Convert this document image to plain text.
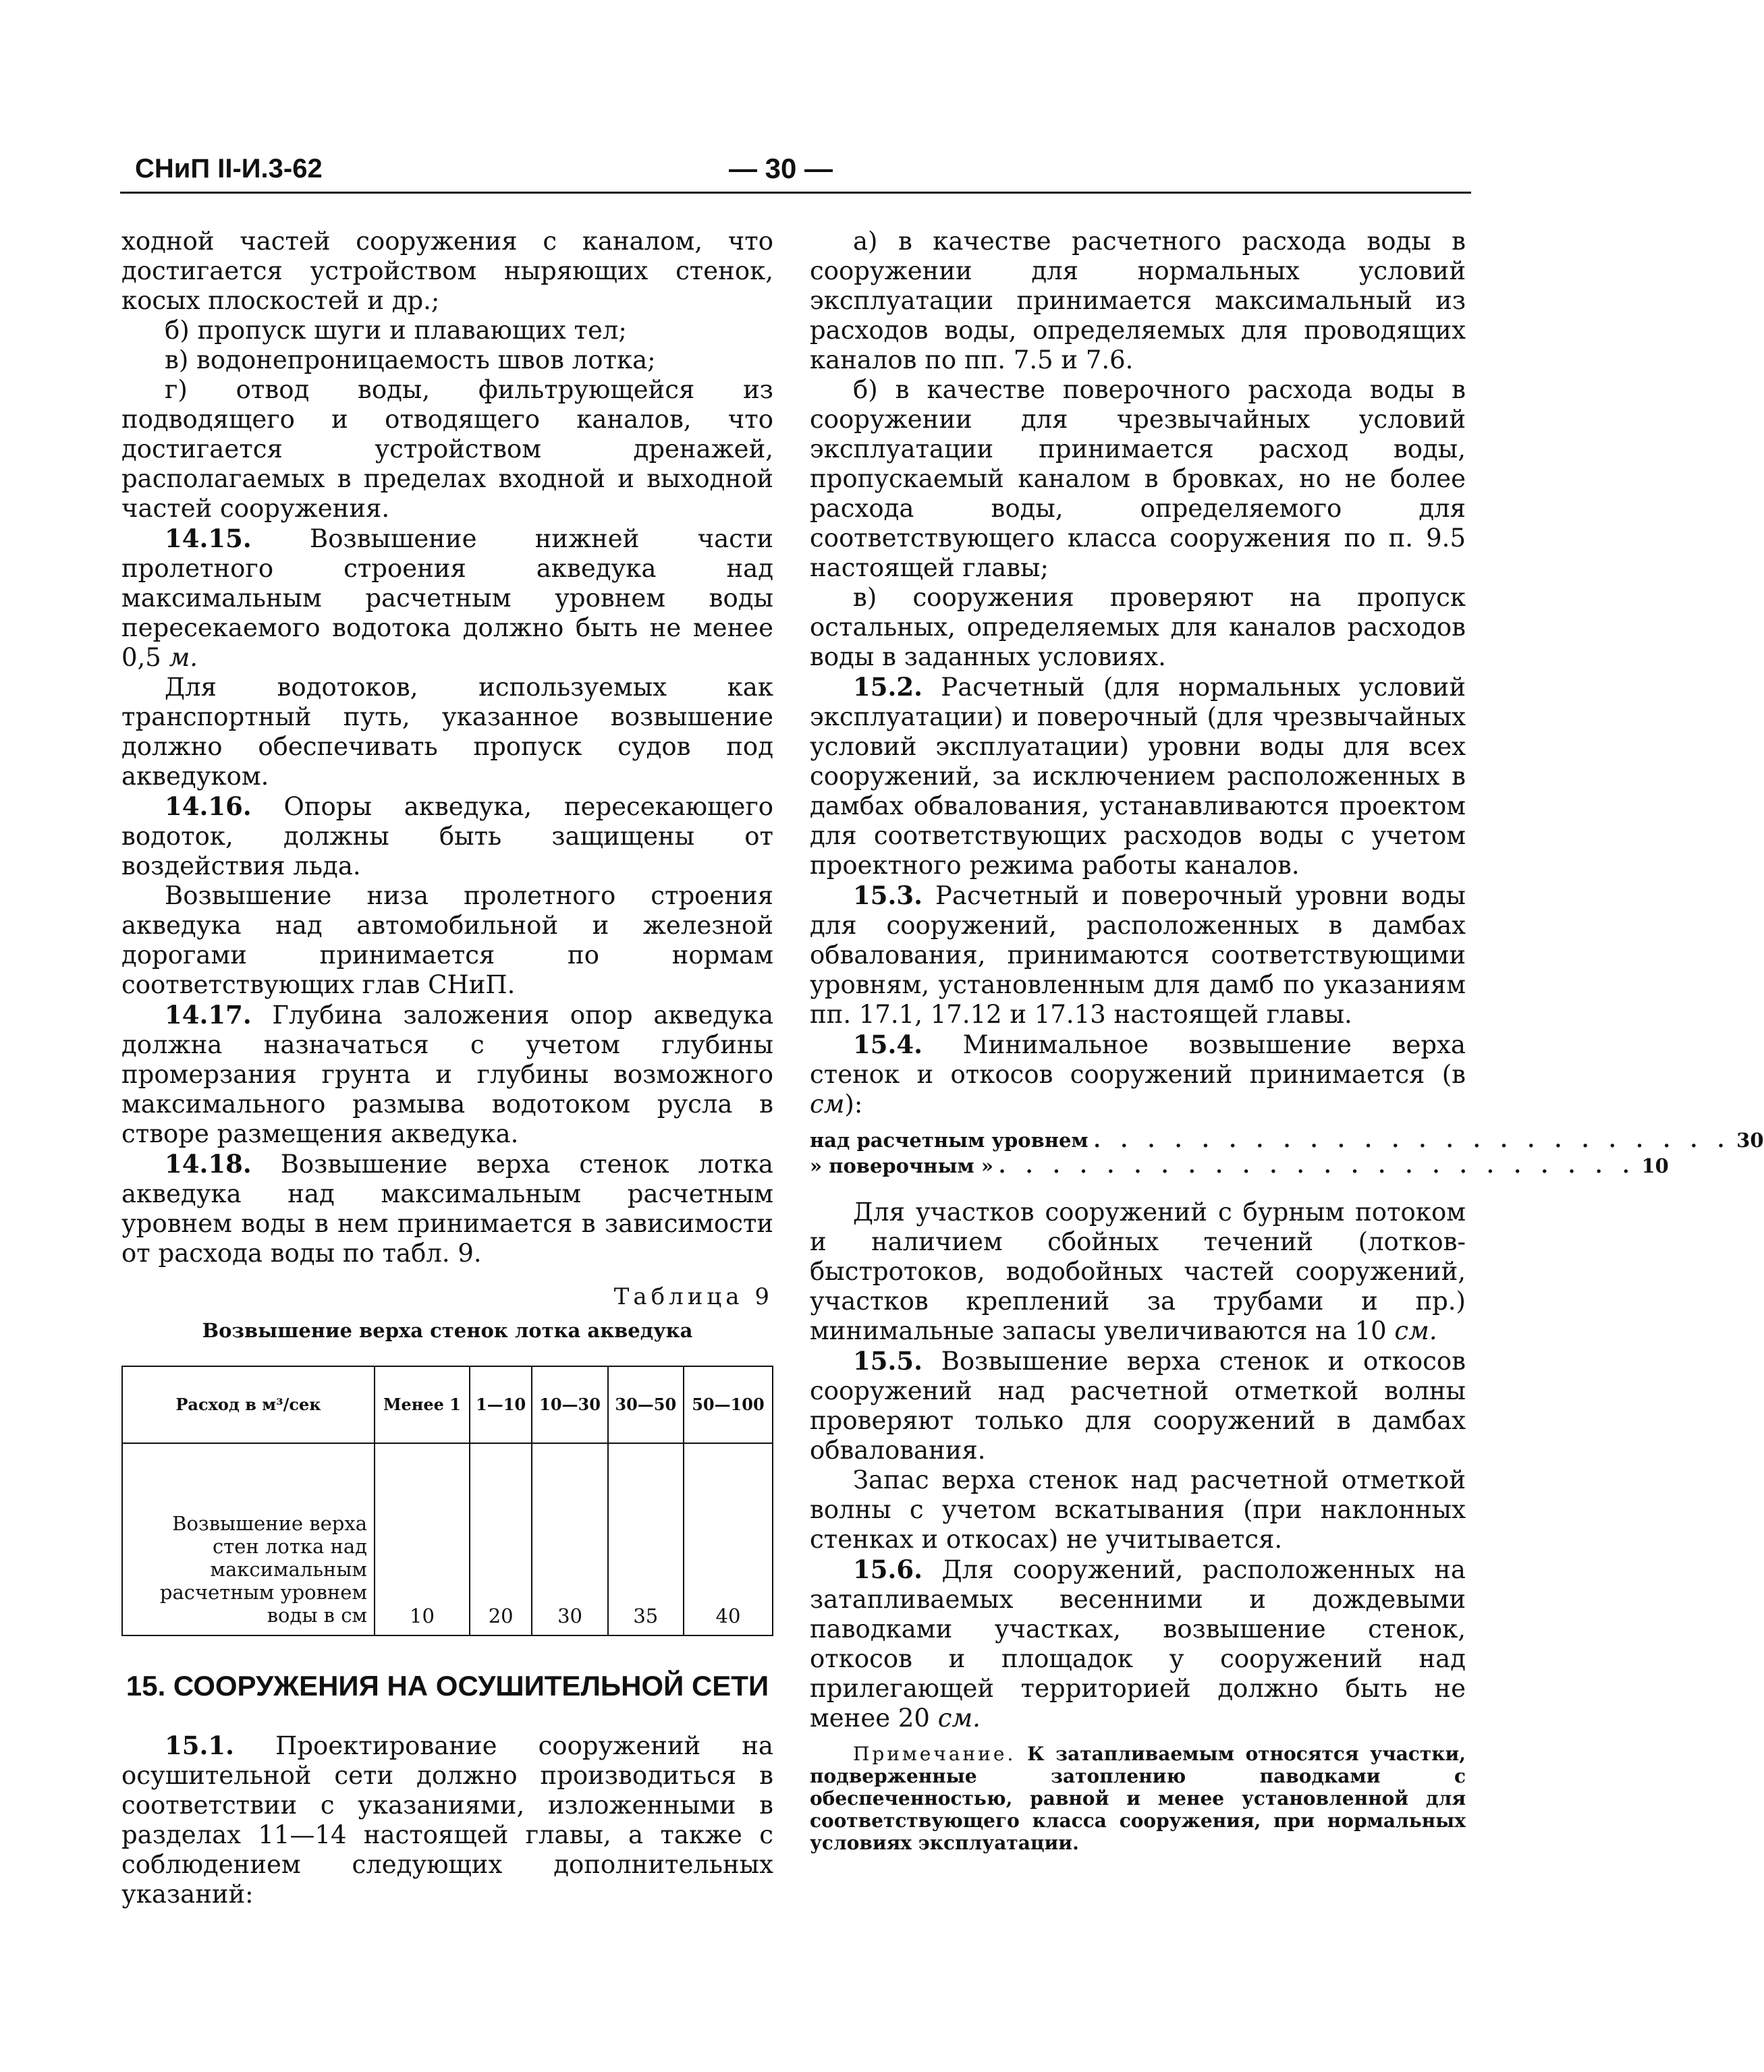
СНиП II-И.3-62	— 30 —

ходной частей сооружения с каналом, что достигается устройством ныряющих стенок, косых плоскостей и др.;

б) пропуск шуги и плавающих тел;

в) водонепроницаемость швов лотка;

г) отвод воды, фильтрующейся из подводящего и отводящего каналов, что достигается устройством дренажей, располагаемых в пределах входной и выходной частей сооружения.

14.15. Возвышение нижней части пролетного строения акведука над максимальным расчетным уровнем воды пересекаемого водотока должно быть не менее 0,5 м.

Для водотоков, используемых как транспортный путь, указанное возвышение должно обеспечивать пропуск судов под акведуком.

14.16. Опоры акведука, пересекающего водоток, должны быть защищены от воздействия льда.

Возвышение низа пролетного строения акведука над автомобильной и железной дорогами принимается по нормам соответствующих глав СНиП.

14.17. Глубина заложения опор акведука должна назначаться с учетом глубины промерзания грунта и глубины возможного максимального размыва водотоком русла в створе размещения акведука.

14.18. Возвышение верха стенок лотка акведука над максимальным расчетным уровнем воды в нем принимается в зависимости от расхода воды по табл. 9.

Таблица 9

Возвышение верха стенок лотка акведука

Расход в м³/сек	Менее 1	1—10	10—30	30—50	50—100
Возвышение верха стен лотка над максимальным расчетным уровнем воды в см	10	20	30	35	40

15. СООРУЖЕНИЯ НА ОСУШИТЕЛЬНОЙ СЕТИ

15.1. Проектирование сооружений на осушительной сети должно производиться в соответствии с указаниями, изложенными в разделах 11—14 настоящей главы, а также с соблюдением следующих дополнительных указаний:

а) в качестве расчетного расхода воды в сооружении для нормальных условий эксплуатации принимается максимальный из расходов воды, определяемых для проводящих каналов по пп. 7.5 и 7.6.

б) в качестве поверочного расхода воды в сооружении для чрезвычайных условий эксплуатации принимается расход воды, пропускаемый каналом в бровках, но не более расхода воды, определяемого для соответствующего класса сооружения по п. 9.5 настоящей главы;

в) сооружения проверяют на пропуск остальных, определяемых для каналов расходов воды в заданных условиях.

15.2. Расчетный (для нормальных условий эксплуатации) и поверочный (для чрезвычайных условий эксплуатации) уровни воды для всех сооружений, за исключением расположенных в дамбах обвалования, устанавливаются проектом для соответствующих расходов воды с учетом проектного режима работы каналов.

15.3. Расчетный и поверочный уровни воды для сооружений, расположенных в дамбах обвалования, принимаются соответствующими уровням, установленным для дамб по указаниям пп. 17.1, 17.12 и 17.13 настоящей главы.

15.4. Минимальное возвышение верха стенок и откосов сооружений принимается (в см):

над расчетным уровнем . . . . . . . . . . . . . . . . . . . . . . . . 30
» поверочным » . . . . . . . . . . . . . . . . . . . . . . . . 10

Для участков сооружений с бурным потоком и наличием сбойных течений (лотков-быстротоков, водобойных частей сооружений, участков креплений за трубами и пр.) минимальные запасы увеличиваются на 10 см.

15.5. Возвышение верха стенок и откосов сооружений над расчетной отметкой волны проверяют только для сооружений в дамбах обвалования.

Запас верха стенок над расчетной отметкой волны с учетом вскатывания (при наклонных стенках и откосах) не учитывается.

15.6. Для сооружений, расположенных на затапливаемых весенними и дождевыми паводками участках, возвышение стенок, откосов и площадок у сооружений над прилегающей территорией должно быть не менее 20 см.

Примечание. К затапливаемым относятся участки, подверженные затоплению паводками с обеспеченностью, равной и менее установленной для соответствующего класса сооружения, при нормальных условиях эксплуатации.
